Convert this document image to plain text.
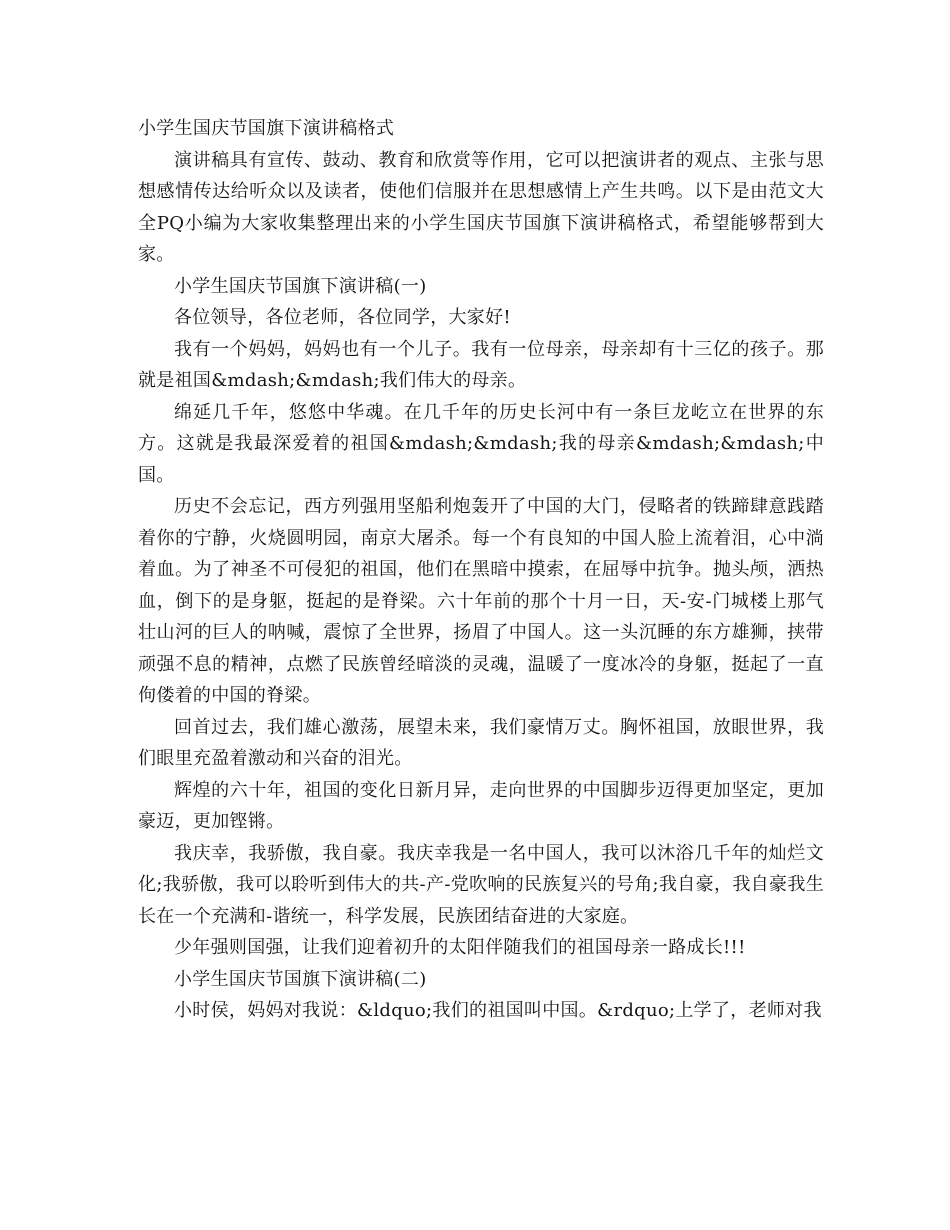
小学生国庆节国旗下演讲稿格式

演讲稿具有宣传、鼓动、教育和欣赏等作用，它可以把演讲者的观点、主张与思想感情传达给听众以及读者，使他们信服并在思想感情上产生共鸣。以下是由范文大全PQ小编为大家收集整理出来的小学生国庆节国旗下演讲稿格式，希望能够帮到大家。

小学生国庆节国旗下演讲稿(一)

各位领导，各位老师，各位同学，大家好!

我有一个妈妈，妈妈也有一个儿子。我有一位母亲，母亲却有十三亿的孩子。那就是祖国&mdash;&mdash;我们伟大的母亲。

绵延几千年，悠悠中华魂。在几千年的历史长河中有一条巨龙屹立在世界的东方。这就是我最深爱着的祖国&mdash;&mdash;我的母亲&mdash;&mdash;中国。

历史不会忘记，西方列强用坚船利炮轰开了中国的大门，侵略者的铁蹄肆意践踏着你的宁静，火烧圆明园，南京大屠杀。每一个有良知的中国人脸上流着泪，心中淌着血。为了神圣不可侵犯的祖国，他们在黑暗中摸索，在屈辱中抗争。抛头颅，洒热血，倒下的是身躯，挺起的是脊梁。六十年前的那个十月一日，天-安-门城楼上那气壮山河的巨人的呐喊，震惊了全世界，扬眉了中国人。这一头沉睡的东方雄狮，挟带顽强不息的精神，点燃了民族曾经暗淡的灵魂，温暖了一度冰冷的身躯，挺起了一直佝偻着的中国的脊梁。

回首过去，我们雄心激荡，展望未来，我们豪情万丈。胸怀祖国，放眼世界，我们眼里充盈着激动和兴奋的泪光。

辉煌的六十年，祖国的变化日新月异，走向世界的中国脚步迈得更加坚定，更加豪迈，更加铿锵。

我庆幸，我骄傲，我自豪。我庆幸我是一名中国人，我可以沐浴几千年的灿烂文化;我骄傲，我可以聆听到伟大的共-产-党吹响的民族复兴的号角;我自豪，我自豪我生长在一个充满和-谐统一，科学发展，民族团结奋进的大家庭。

少年强则国强，让我们迎着初升的太阳伴随我们的祖国母亲一路成长!!!

小学生国庆节国旗下演讲稿(二)

小时侯，妈妈对我说：&ldquo;我们的祖国叫中国。&rdquo;上学了，老师对我
